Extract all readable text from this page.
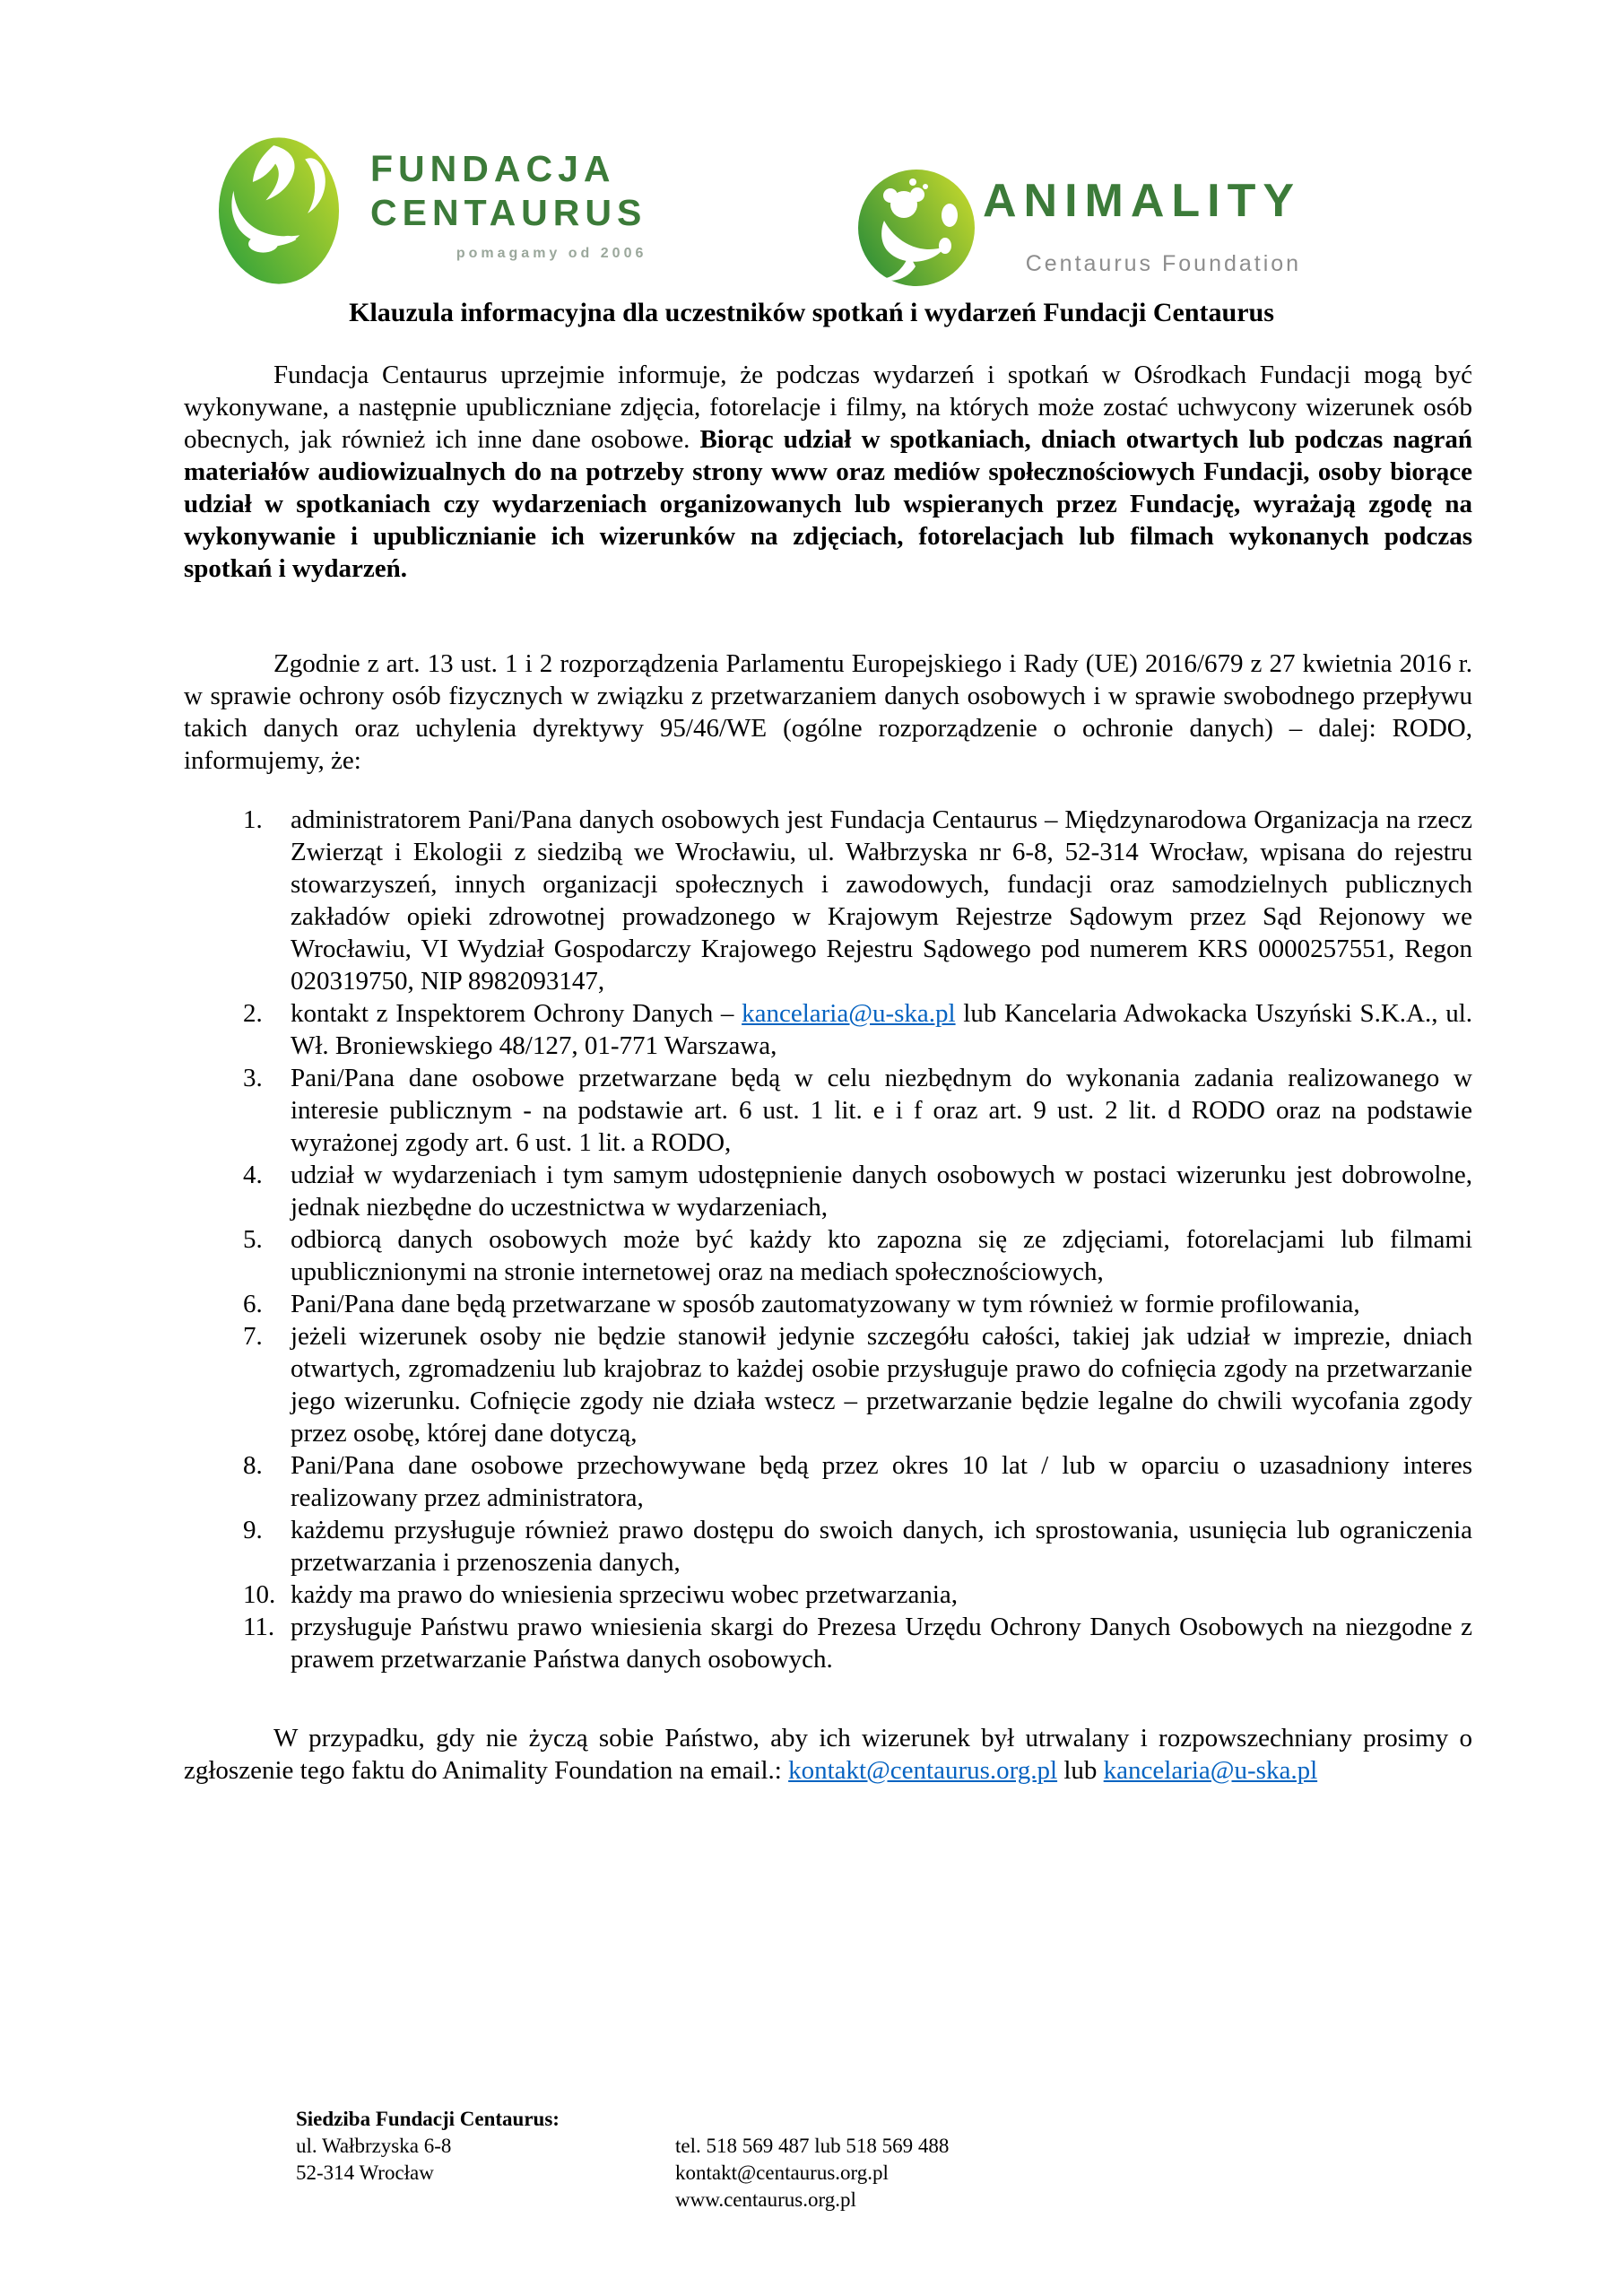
FUNDACJA
CENTAURUS
pomagamy od 2006
ANIMALITY
Centaurus Foundation
Klauzula informacyjna dla uczestników spotkań i wydarzeń Fundacji Centaurus

Fundacja Centaurus uprzejmie informuje, że podczas wydarzeń i spotkań w Ośrodkach Fundacji mogą być wykonywane, a następnie upubliczniane zdjęcia, fotorelacje i filmy, na których może zostać uchwycony wizerunek osób obecnych, jak również ich inne dane osobowe. Biorąc udział w spotkaniach, dniach otwartych lub podczas nagrań materiałów audiowizualnych do na potrzeby strony www oraz mediów społecznościowych Fundacji, osoby biorące udział w spotkaniach czy wydarzeniach organizowanych lub wspieranych przez Fundację, wyrażają zgodę na wykonywanie i upublicznianie ich wizerunków na zdjęciach, fotorelacjach lub filmach wykonanych podczas spotkań i wydarzeń.

Zgodnie z art. 13 ust. 1 i 2 rozporządzenia Parlamentu Europejskiego i Rady (UE) 2016/679 z 27 kwietnia 2016 r. w sprawie ochrony osób fizycznych w związku z przetwarzaniem danych osobowych i w sprawie swobodnego przepływu takich danych oraz uchylenia dyrektywy 95/46/WE (ogólne rozporządzenie o ochronie danych) – dalej: RODO, informujemy, że:

1.	administratorem Pani/Pana danych osobowych jest Fundacja Centaurus – Międzynarodowa Organizacja na rzecz Zwierząt i Ekologii z siedzibą we Wrocławiu, ul. Wałbrzyska nr 6-8, 52-314 Wrocław, wpisana do rejestru stowarzyszeń, innych organizacji społecznych i zawodowych, fundacji oraz samodzielnych publicznych zakładów opieki zdrowotnej prowadzonego w Krajowym Rejestrze Sądowym przez Sąd Rejonowy we Wrocławiu, VI Wydział Gospodarczy Krajowego Rejestru Sądowego pod numerem KRS 0000257551, Regon 020319750, NIP 8982093147,
2.	kontakt z Inspektorem Ochrony Danych – kancelaria@u-ska.pl lub Kancelaria Adwokacka Uszyński S.K.A., ul. Wł. Broniewskiego 48/127, 01-771 Warszawa,
3.	Pani/Pana dane osobowe przetwarzane będą w celu niezbędnym do wykonania zadania realizowanego w interesie publicznym - na podstawie art. 6 ust. 1 lit. e i f oraz art. 9 ust. 2 lit. d RODO oraz na podstawie wyrażonej zgody art. 6 ust. 1 lit. a RODO,
4.	udział w wydarzeniach i tym samym udostępnienie danych osobowych w postaci wizerunku jest dobrowolne, jednak niezbędne do uczestnictwa w wydarzeniach,
5.	odbiorcą danych osobowych może być każdy kto zapozna się ze zdjęciami, fotorelacjami lub filmami upublicznionymi na stronie internetowej oraz na mediach społecznościowych,
6.	Pani/Pana dane będą przetwarzane w sposób zautomatyzowany w tym również w formie profilowania,
7.	jeżeli wizerunek osoby nie będzie stanowił jedynie szczegółu całości, takiej jak udział w imprezie, dniach otwartych, zgromadzeniu lub krajobraz to każdej osobie przysługuje prawo do cofnięcia zgody na przetwarzanie jego wizerunku. Cofnięcie zgody nie działa wstecz – przetwarzanie będzie legalne do chwili wycofania zgody przez osobę, której dane dotyczą,
8.	Pani/Pana dane osobowe przechowywane będą przez okres 10 lat / lub w oparciu o uzasadniony interes realizowany przez administratora,
9.	każdemu przysługuje również prawo dostępu do swoich danych, ich sprostowania, usunięcia lub ograniczenia przetwarzania i przenoszenia danych,
10. każdy ma prawo do wniesienia sprzeciwu wobec przetwarzania,
11. przysługuje Państwu prawo wniesienia skargi do Prezesa Urzędu Ochrony Danych Osobowych na niezgodne z prawem przetwarzanie Państwa danych osobowych.

W przypadku, gdy nie życzą sobie Państwo, aby ich wizerunek był utrwalany i rozpowszechniany prosimy o zgłoszenie tego faktu do Animality Foundation na email.: kontakt@centaurus.org.pl lub kancelaria@u-ska.pl

Siedziba Fundacji Centaurus:
ul. Wałbrzyska 6-8
52-314 Wrocław
tel. 518 569 487 lub 518 569 488
kontakt@centaurus.org.pl
www.centaurus.org.pl
